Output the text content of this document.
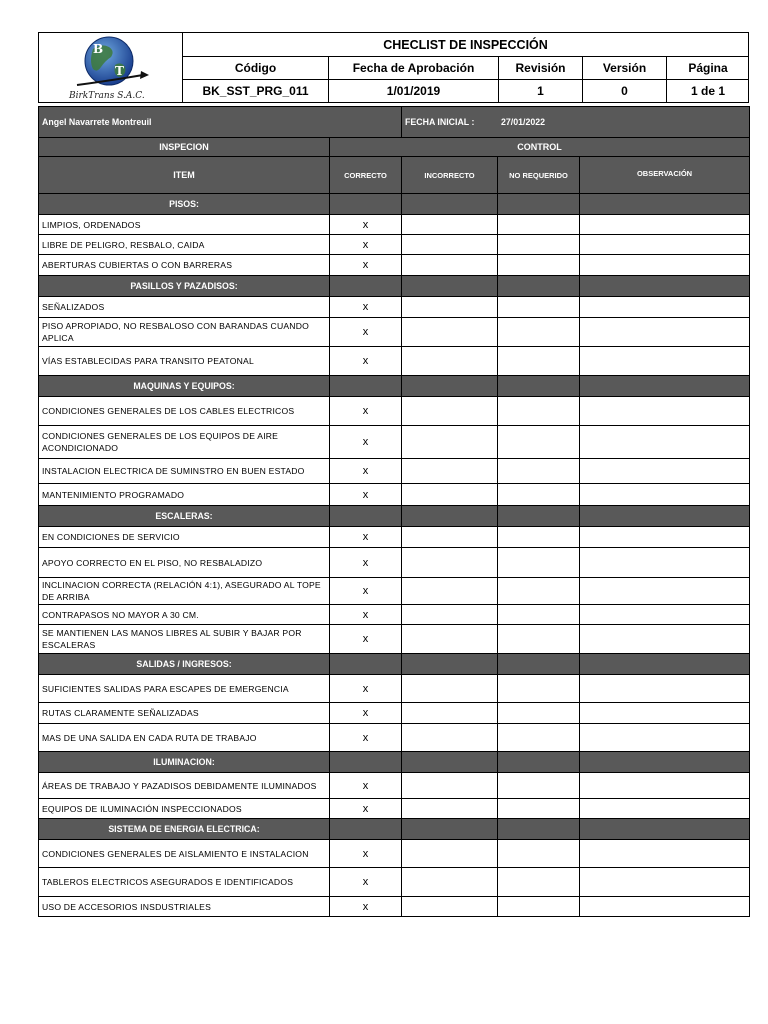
B
T
BirkTrans S.A.C.
CHECLIST DE INSPECCIÓN
Código	Fecha de Aprobación	Revisión	Versión	Página
BK_SST_PRG_011	1/01/2019	1	0	1 de 1
Angel Navarrete Montreuil		FECHA INICIAL : 27/01/2022		
INSPECION	CONTROL			
ITEM	CORRECTO	INCORRECTO	NO REQUERIDO	OBSERVACIÓN
PISOS:				
LIMPIOS, ORDENADOS	x			
LIBRE DE PELIGRO, RESBALO, CAIDA	x			
ABERTURAS CUBIERTAS O CON BARRERAS	x			
PASILLOS Y PAZADISOS:				
SEÑALIZADOS	x			
PISO APROPIADO, NO RESBALOSO CON BARANDAS CUANDO APLICA	x			
VÍAS ESTABLECIDAS PARA TRANSITO PEATONAL	x			
MAQUINAS Y EQUIPOS:				
CONDICIONES GENERALES DE LOS CABLES ELECTRICOS	x			
CONDICIONES GENERALES DE LOS EQUIPOS DE AIRE ACONDICIONADO	x			
INSTALACION ELECTRICA DE SUMINSTRO EN BUEN ESTADO	x			
MANTENIMIENTO PROGRAMADO	x			
ESCALERAS:				
EN CONDICIONES DE SERVICIO	x			
APOYO CORRECTO EN EL PISO, NO RESBALADIZO	x			
INCLINACION CORRECTA (RELACIÓN 4:1), ASEGURADO AL TOPE DE ARRIBA	x			
CONTRAPASOS NO MAYOR A 30 CM.	x			
SE MANTIENEN LAS MANOS LIBRES AL SUBIR Y BAJAR POR ESCALERAS	x			
SALIDAS / INGRESOS:				
SUFICIENTES SALIDAS PARA ESCAPES DE EMERGENCIA	x			
RUTAS CLARAMENTE SEÑALIZADAS	x			
MAS DE UNA SALIDA EN CADA RUTA DE TRABAJO	x			
ILUMINACION:				
ÁREAS DE TRABAJO Y PAZADISOS DEBIDAMENTE ILUMINADOS	x			
EQUIPOS DE ILUMINACIÓN INSPECCIONADOS	x			
SISTEMA DE ENERGIA ELECTRICA:				
CONDICIONES GENERALES DE AISLAMIENTO E INSTALACION	x			
TABLEROS ELECTRICOS ASEGURADOS E IDENTIFICADOS	x			
USO DE ACCESORIOS INSDUSTRIALES	x			
